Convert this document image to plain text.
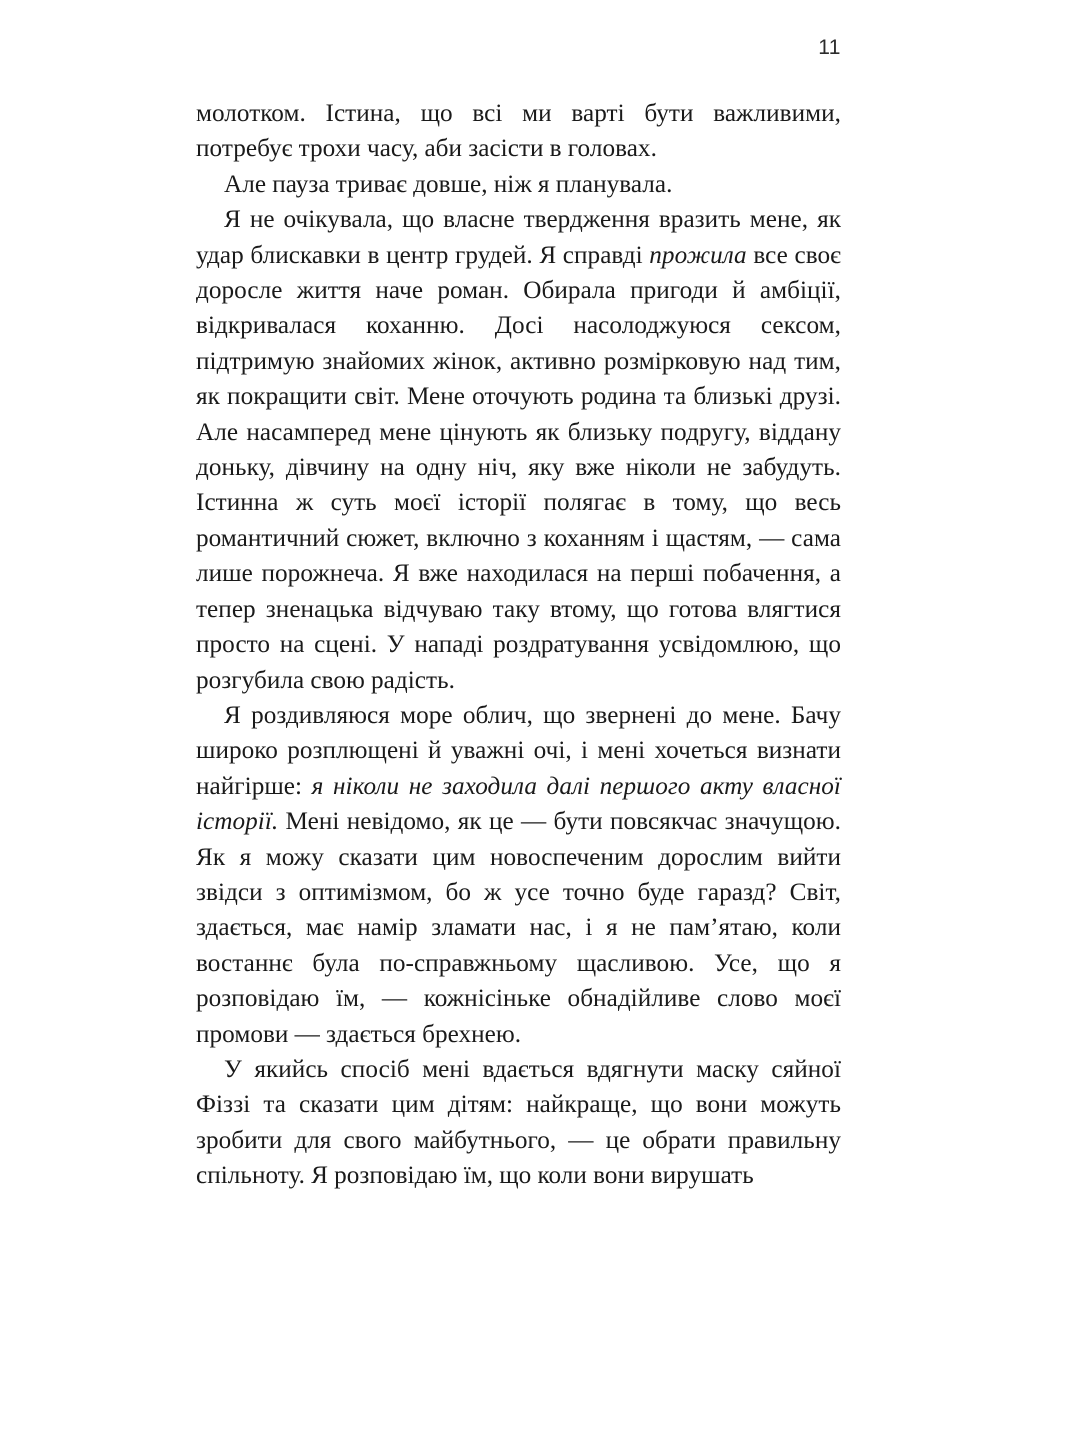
11

молотком. Істина, що всі ми варті бути важливими, потребує трохи часу, аби засісти в головах.

Але пауза триває довше, ніж я планувала.

Я не очікувала, що власне твердження вразить мене, як удар блискавки в центр грудей. Я справді прожила все своє доросле життя наче роман. Обирала пригоди й амбіції, відкривалася коханню. Досі насолоджуюся сексом, підтримую знайомих жінок, активно розмірковую над тим, як покращити світ. Мене оточують родина та близькі друзі. Але насамперед мене цінують як близьку подругу, віддану доньку, дівчину на одну ніч, яку вже ніколи не забудуть. Істинна ж суть моєї історії полягає в тому, що весь романтичний сюжет, включно з коханням і щастям, — сама лише порожнеча. Я вже находилася на перші побачення, а тепер зненацька відчуваю таку втому, що готова влягтися просто на сцені. У нападі роздратування усвідомлюю, що розгубила свою радість.

Я роздивляюся море облич, що звернені до мене. Бачу широко розплющені й уважні очі, і мені хочеться визнати найгірше: я ніколи не заходила далі першого акту власної історії. Мені невідомо, як це — бути повсякчас значущою. Як я можу сказати цим новоспеченим дорослим вийти звідси з оптимізмом, бо ж усе точно буде гаразд? Світ, здається, має намір зламати нас, і я не пам’ятаю, коли востаннє була по-справжньому щасливою. Усе, що я розповідаю їм, — кожнісіньке обнадійливе слово моєї промови — здається брехнею.

У якийсь спосіб мені вдається вдягнути маску сяйної Фіззі та сказати цим дітям: найкраще, що вони можуть зробити для свого майбутнього, — це обрати правильну спільноту. Я розповідаю їм, що коли вони вирушать
